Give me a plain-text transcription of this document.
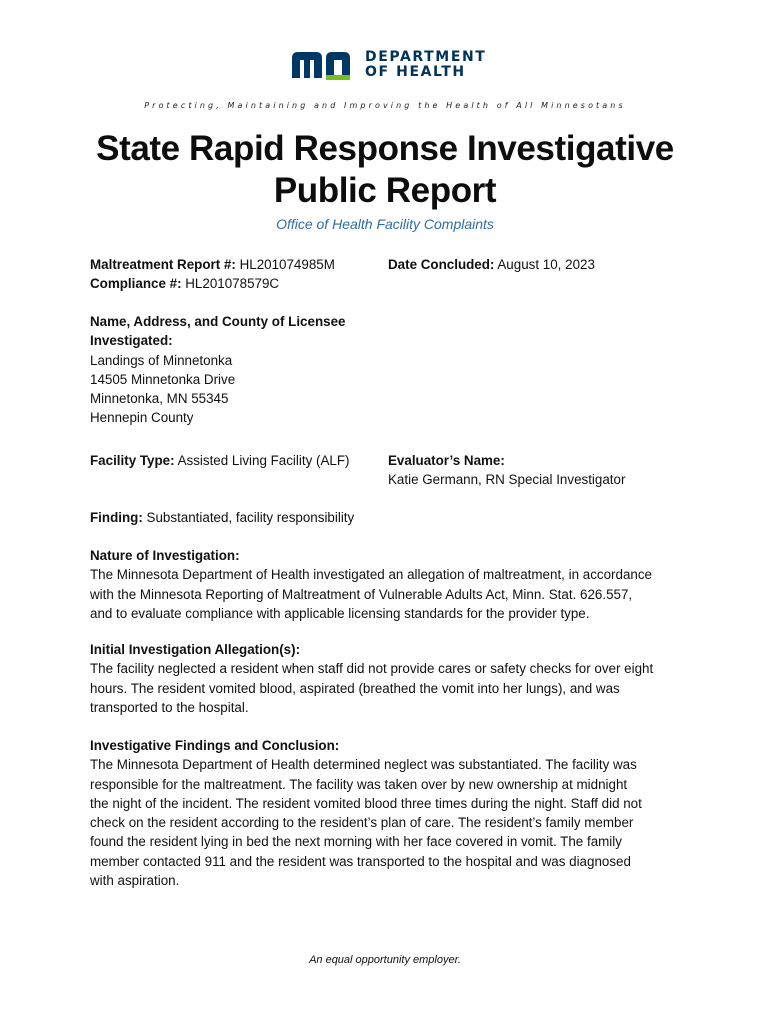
DEPARTMENT
OF HEALTH
Protecting, Maintaining and Improving the Health of All Minnesotans
State Rapid Response Investigative
Public Report
Office of Health Facility Complaints
Maltreatment Report #: HL201074985M
Compliance #: HL201078579C
Date Concluded: August 10, 2023
Name, Address, and County of Licensee
Investigated:
Landings of Minnetonka
14505 Minnetonka Drive
Minnetonka, MN 55345
Hennepin County
Facility Type: Assisted Living Facility (ALF)	Evaluator’s Name:
Katie Germann, RN Special Investigator
Finding: Substantiated, facility responsibility
Nature of Investigation:
The Minnesota Department of Health investigated an allegation of maltreatment, in accordance
with the Minnesota Reporting of Maltreatment of Vulnerable Adults Act, Minn. Stat. 626.557,
and to evaluate compliance with applicable licensing standards for the provider type.
Initial Investigation Allegation(s):
The facility neglected a resident when staff did not provide cares or safety checks for over eight
hours. The resident vomited blood, aspirated (breathed the vomit into her lungs), and was
transported to the hospital.
Investigative Findings and Conclusion:
The Minnesota Department of Health determined neglect was substantiated. The facility was
responsible for the maltreatment. The facility was taken over by new ownership at midnight
the night of the incident. The resident vomited blood three times during the night. Staff did not
check on the resident according to the resident’s plan of care. The resident’s family member
found the resident lying in bed the next morning with her face covered in vomit. The family
member contacted 911 and the resident was transported to the hospital and was diagnosed
with aspiration.
An equal opportunity employer.
